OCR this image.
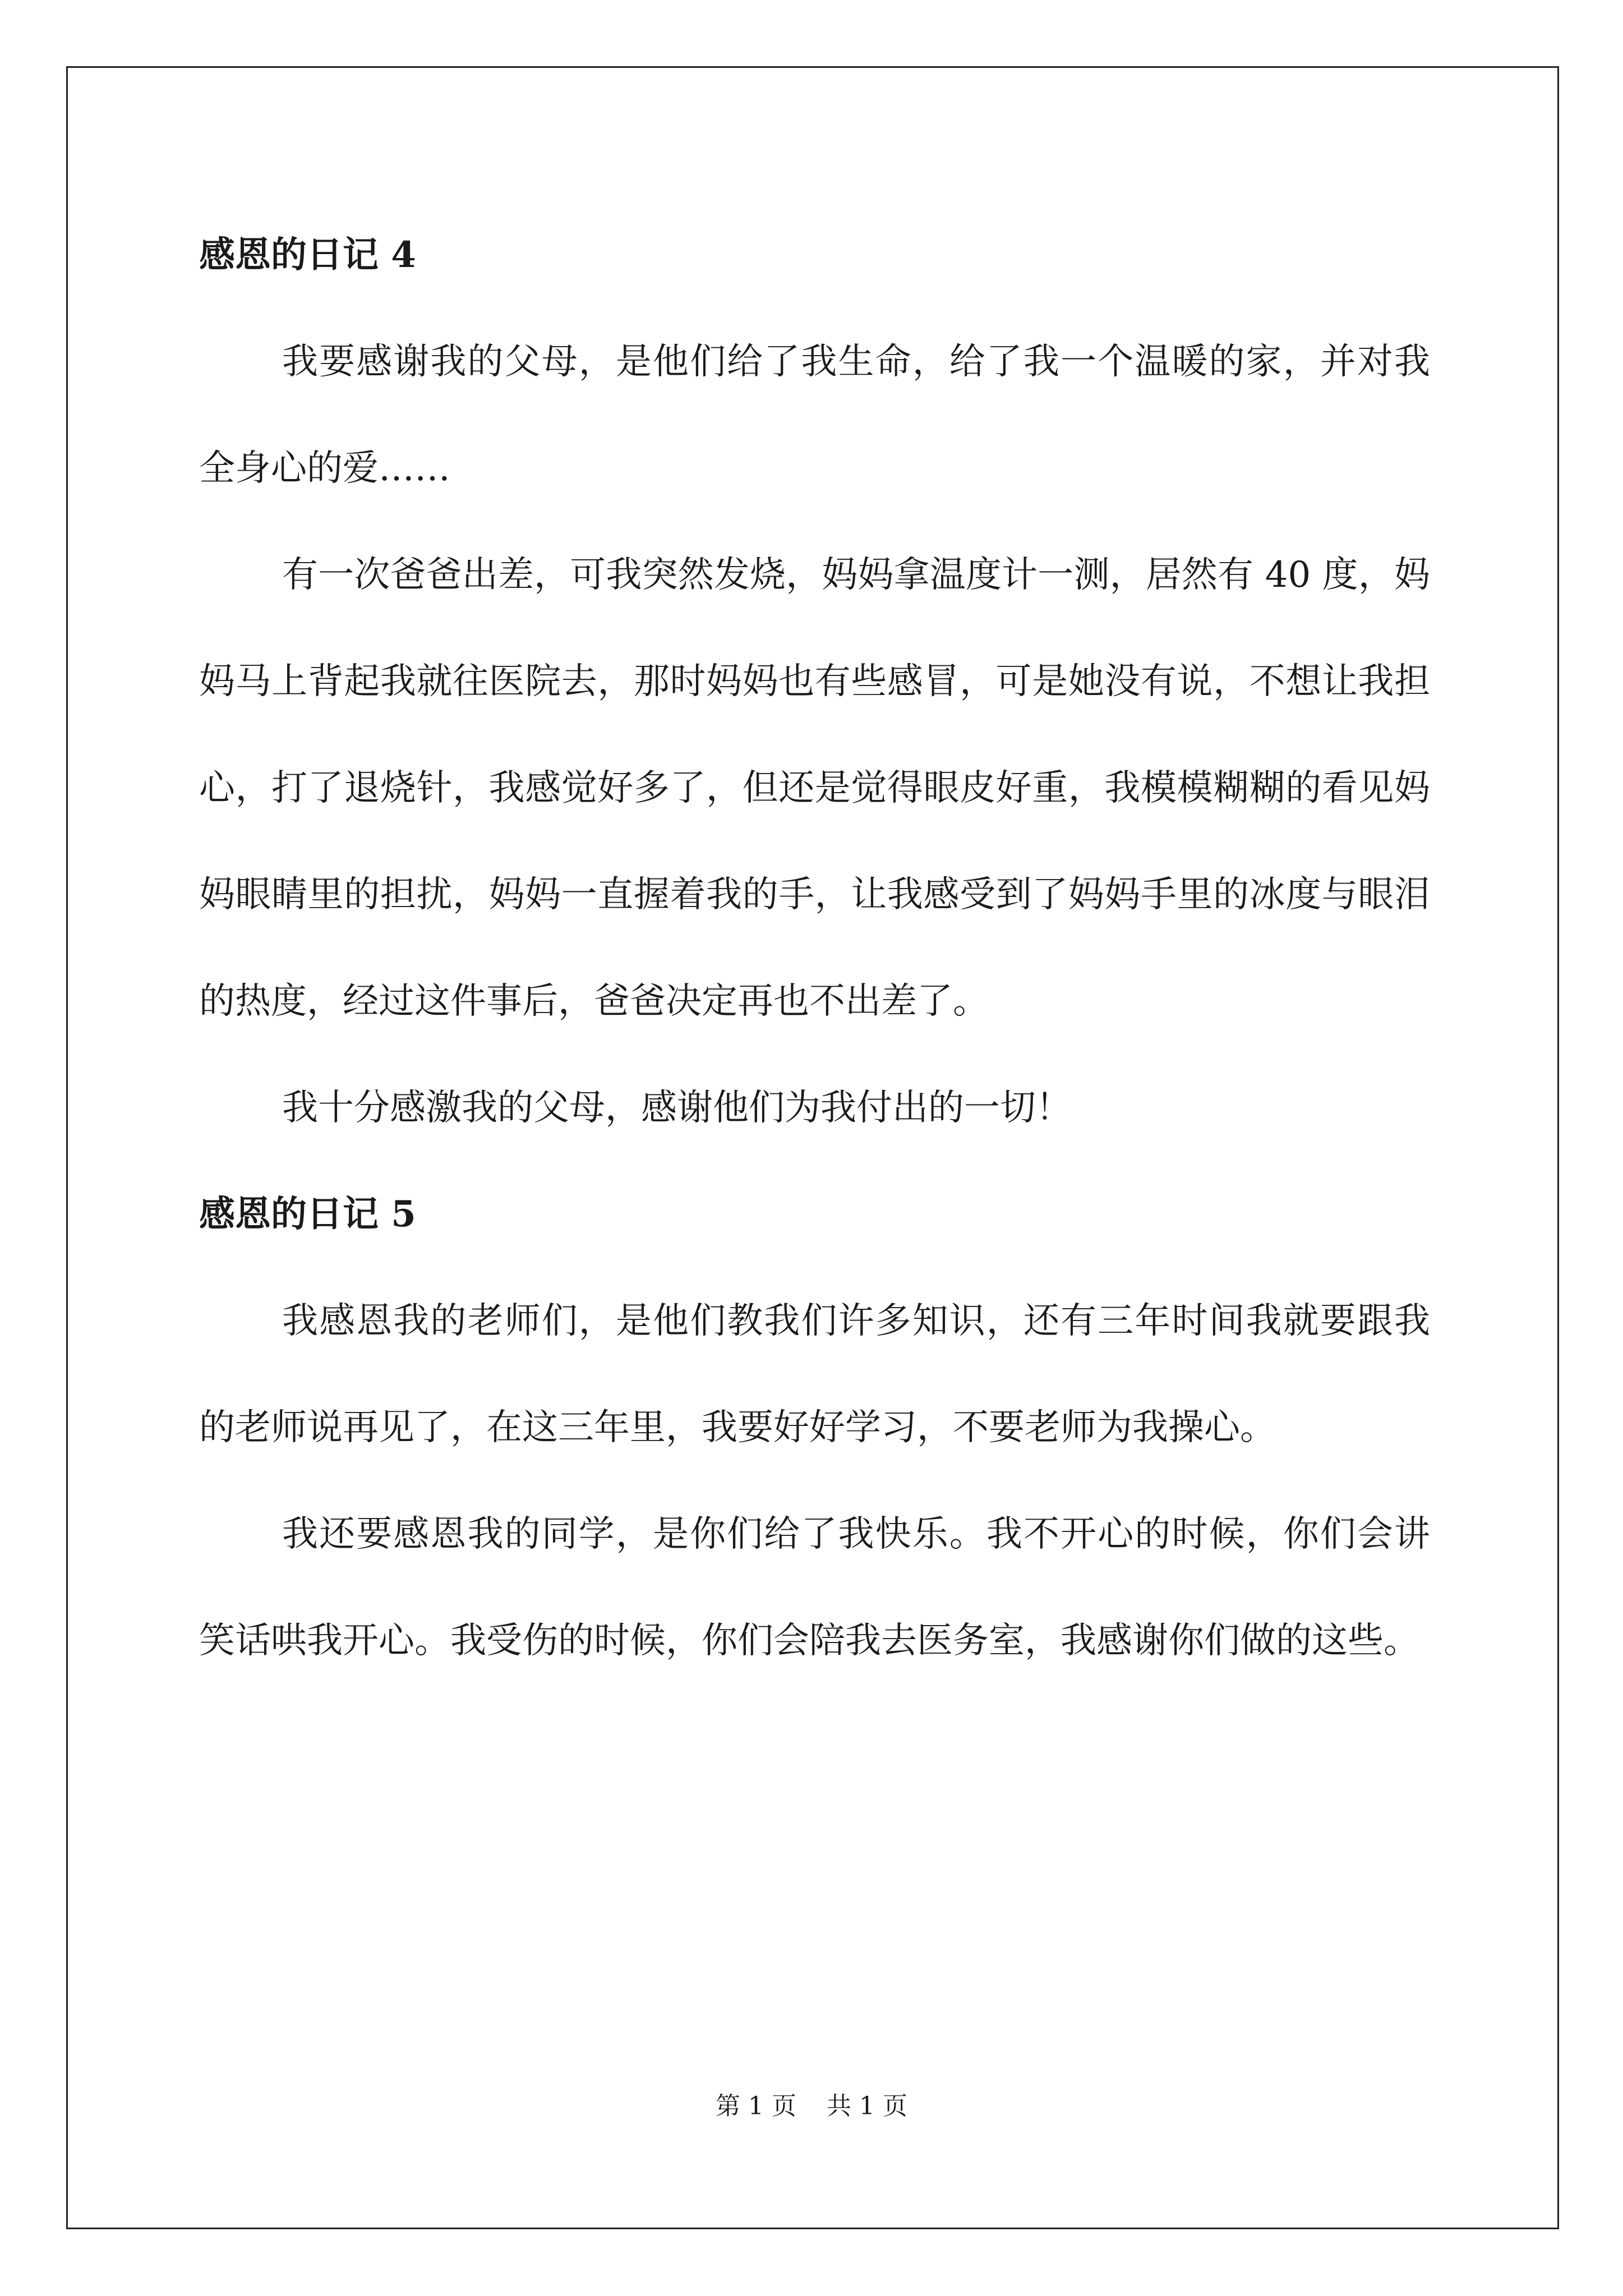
感恩的日记 4

我要感谢我的父母，是他们给了我生命，给了我一个温暖的家，并对我全身心的爱……

有一次爸爸出差，可我突然发烧，妈妈拿温度计一测，居然有 40 度，妈妈马上背起我就往医院去，那时妈妈也有些感冒，可是她没有说，不想让我担心，打了退烧针，我感觉好多了，但还是觉得眼皮好重，我模模糊糊的看见妈妈眼睛里的担扰，妈妈一直握着我的手，让我感受到了妈妈手里的冰度与眼泪的热度，经过这件事后，爸爸决定再也不出差了。

我十分感激我的父母，感谢他们为我付出的一切！

感恩的日记 5

我感恩我的老师们，是他们教我们许多知识，还有三年时间我就要跟我的老师说再见了，在这三年里，我要好好学习，不要老师为我操心。

我还要感恩我的同学，是你们给了我快乐。我不开心的时候，你们会讲笑话哄我开心。我受伤的时候，你们会陪我去医务室，我感谢你们做的这些。

第 1 页 共 1 页
